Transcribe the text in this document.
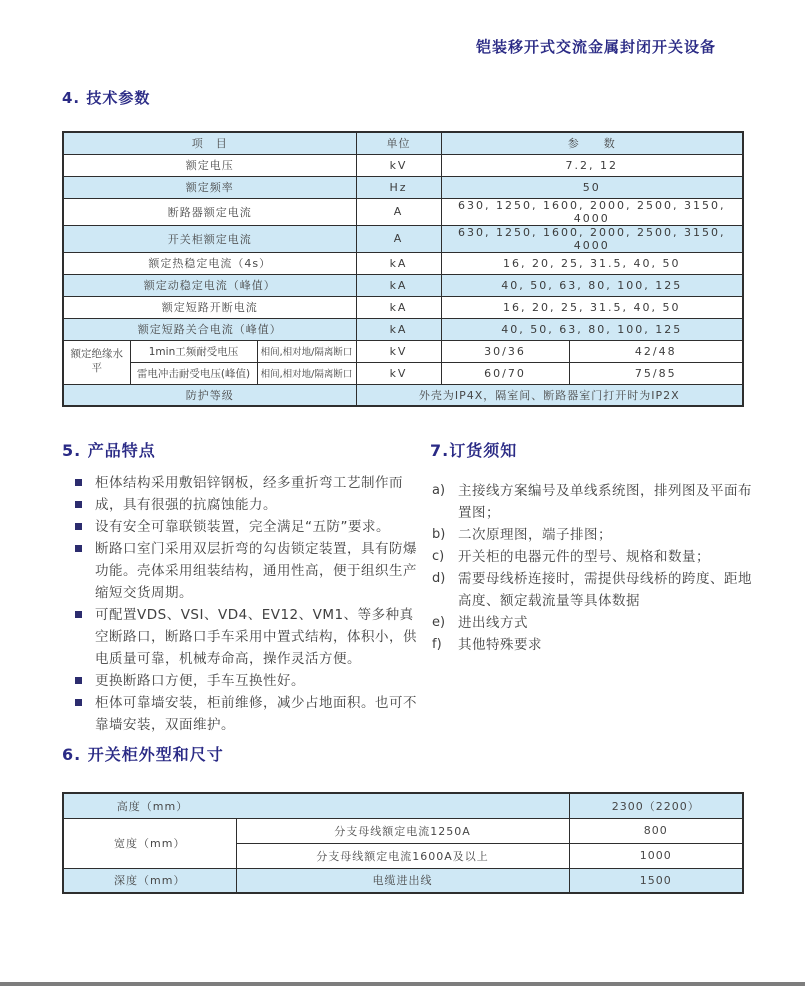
铠装移开式交流金属封闭开关设备
4. 技术参数
项　目			单位	参　　数	
额定电压			kV	7.2, 12	
额定频率			Hz	50	
断路器额定电流			A	630, 1250, 1600, 2000, 2500, 3150, 4000	
开关柜额定电流			A	630, 1250, 1600, 2000, 2500, 3150, 4000	
额定热稳定电流（4s）			kA	16, 20, 25, 31.5, 40, 50	
额定动稳定电流（峰值）			kA	40, 50, 63, 80, 100, 125	
额定短路开断电流			kA	16, 20, 25, 31.5, 40, 50	
额定短路关合电流（峰值）			kA	40, 50, 63, 80, 100, 125	
额定绝缘水平	1min工频耐受电压	相间,相对地/隔离断口	kV	30/36	42/48
	雷电冲击耐受电压(峰值)	相间,相对地/隔离断口	kV	60/70	75/85
防护等级			外壳为IP4X，隔室间、断路器室门打开时为IP2X		
5. 产品特点
柜体结构采用敷铝锌钢板，经多重折弯工艺制作而
成，具有很强的抗腐蚀能力。
设有安全可靠联锁装置，完全满足“五防”要求。
断路口室门采用双层折弯的勾齿锁定装置，具有防爆功能。壳体采用组装结构，通用性高，便于组织生产缩短交货周期。
可配置VDS、VSI、VD4、EV12、VM1、等多种真空断路口，断路口手车采用中置式结构，体积小，供电质量可靠，机械寿命高，操作灵活方便。
更换断路口方便，手车互换性好。
柜体可靠墙安装，柜前维修，减少占地面积。也可不靠墙安装，双面维护。
7.订货须知
a) 主接线方案编号及单线系统图，排列图及平面布置图；
b) 二次原理图，端子排图；
c)	开关柜的电器元件的型号、规格和数量；
d) 需要母线桥连接时，需提供母线桥的跨度、距地高度、额定载流量等具体数据
e) 进出线方式
f)	其他特殊要求
6. 开关柜外型和尺寸
高度（mm）		2300（2200）
宽度（mm）	分支母线额定电流1250A	800
	分支母线额定电流1600A及以上	1000
深度（mm）	电缆进出线	1500
